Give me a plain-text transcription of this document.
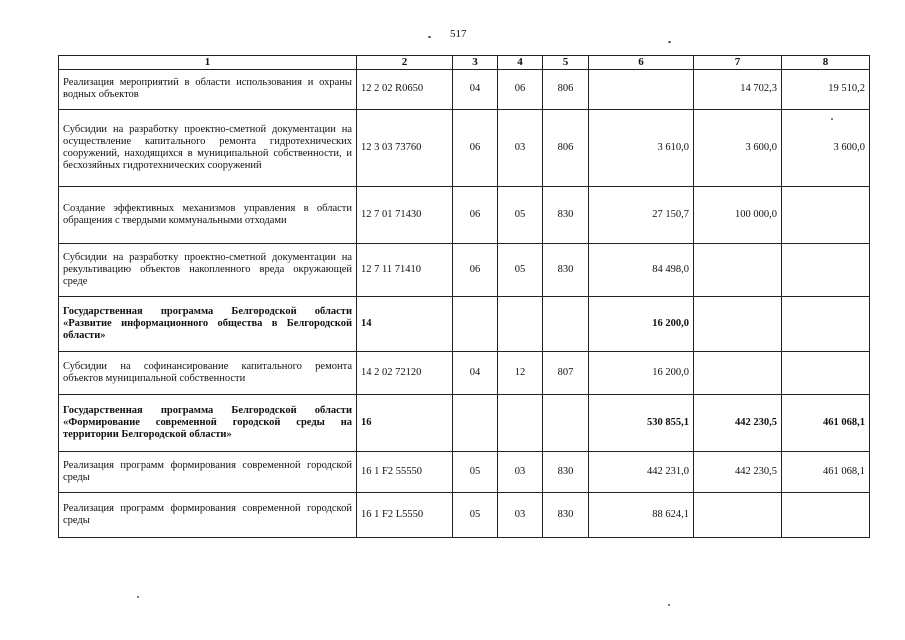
517
1	2	3	4	5	6	7	8
Реализация мероприятий в области использования и охраны водных объектов	12 2 02 R0650	04	06	806		14 702,3	19 510,2
Субсидии на разработку проектно-сметной документации на осуществление капитального ремонта гидротехнических сооружений, находящихся в муниципальной собственности, и бесхозяйных гидротехнических сооружений	12 3 03 73760	06	03	806	3 610,0	3 600,0	3 600,0
Создание эффективных механизмов управления в области обращения с твердыми коммунальными отходами	12 7 01 71430	06	05	830	27 150,7	100 000,0	
Субсидии на разработку проектно-сметной документации на рекультивацию объектов накопленного вреда окружающей среде	12 7 11 71410	06	05	830	84 498,0		
Государственная программа Белгородской области «Развитие информационного общества в Белгородской области»	14				16 200,0		
Субсидии на софинансирование капитального ремонта объектов муниципальной собственности	14 2 02 72120	04	12	807	16 200,0		
Государственная программа Белгородской области «Формирование современной городской среды на территории Белгородской области»	16				530 855,1	442 230,5	461 068,1
Реализация программ формирования современной городской среды	16 1 F2 55550	05	03	830	442 231,0	442 230,5	461 068,1
Реализация программ формирования современной городской среды	16 1 F2 L5550	05	03	830	88 624,1		
